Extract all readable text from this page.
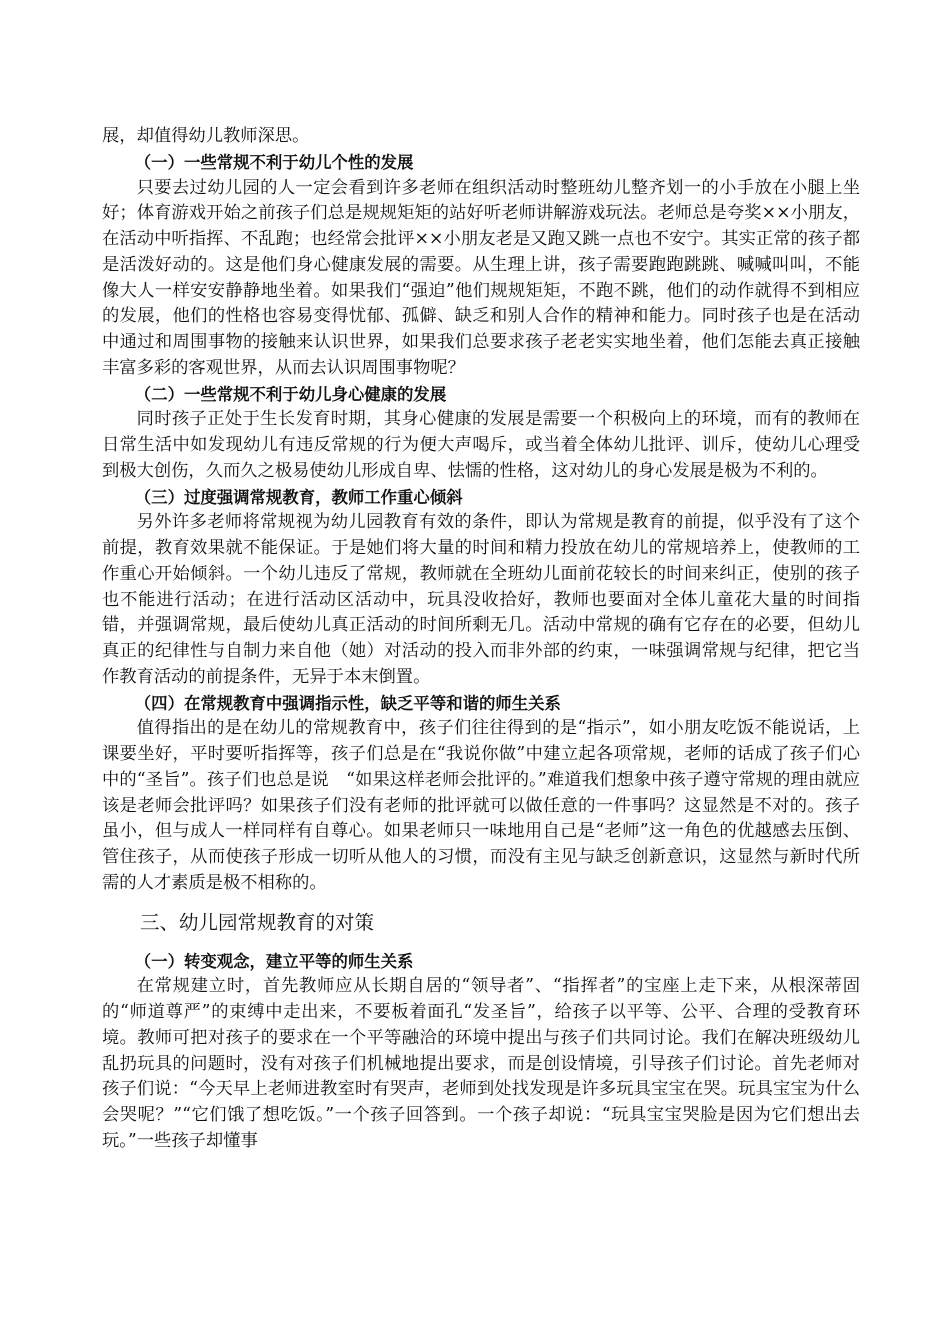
展，却值得幼儿教师深思。

（一）一些常规不利于幼儿个性的发展

只要去过幼儿园的人一定会看到许多老师在组织活动时整班幼儿整齐划一的小手放在小腿上坐好；体育游戏开始之前孩子们总是规规矩矩的站好听老师讲解游戏玩法。老师总是夸奖××小朋友，在活动中听指挥、不乱跑；也经常会批评××小朋友老是又跑又跳一点也不安宁。其实正常的孩子都是活泼好动的。这是他们身心健康发展的需要。从生理上讲，孩子需要跑跑跳跳、喊喊叫叫，不能像大人一样安安静静地坐着。如果我们“强迫”他们规规矩矩，不跑不跳，他们的动作就得不到相应的发展，他们的性格也容易变得忧郁、孤僻、缺乏和别人合作的精神和能力。同时孩子也是在活动中通过和周围事物的接触来认识世界，如果我们总要求孩子老老实实地坐着，他们怎能去真正接触丰富多彩的客观世界，从而去认识周围事物呢？

（二）一些常规不利于幼儿身心健康的发展

同时孩子正处于生长发育时期，其身心健康的发展是需要一个积极向上的环境，而有的教师在日常生活中如发现幼儿有违反常规的行为便大声喝斥，或当着全体幼儿批评、训斥，使幼儿心理受到极大创伤，久而久之极易使幼儿形成自卑、怯懦的性格，这对幼儿的身心发展是极为不利的。

（三）过度强调常规教育，教师工作重心倾斜

另外许多老师将常规视为幼儿园教育有效的条件，即认为常规是教育的前提，似乎没有了这个前提，教育效果就不能保证。于是她们将大量的时间和精力投放在幼儿的常规培养上，使教师的工作重心开始倾斜。一个幼儿违反了常规，教师就在全班幼儿面前花较长的时间来纠正，使别的孩子也不能进行活动；在进行活动区活动中，玩具没收拾好，教师也要面对全体儿童花大量的时间指错，并强调常规，最后使幼儿真正活动的时间所剩无几。活动中常规的确有它存在的必要，但幼儿真正的纪律性与自制力来自他（她）对活动的投入而非外部的约束，一味强调常规与纪律，把它当作教育活动的前提条件，无异于本末倒置。

（四）在常规教育中强调指示性，缺乏平等和谐的师生关系

值得指出的是在幼儿的常规教育中，孩子们往往得到的是“指示”，如小朋友吃饭不能说话，上课要坐好，平时要听指挥等，孩子们总是在“我说你做”中建立起各项常规，老师的话成了孩子们心中的“圣旨”。孩子们也总是说　“如果这样老师会批评的。”难道我们想象中孩子遵守常规的理由就应该是老师会批评吗？如果孩子们没有老师的批评就可以做任意的一件事吗？这显然是不对的。孩子虽小，但与成人一样同样有自尊心。如果老师只一味地用自己是“老师”这一角色的优越感去压倒、管住孩子，从而使孩子形成一切听从他人的习惯，而没有主见与缺乏创新意识，这显然与新时代所需的人才素质是极不相称的。

三、幼儿园常规教育的对策
（一）转变观念，建立平等的师生关系

在常规建立时，首先教师应从长期自居的“领导者”、“指挥者”的宝座上走下来，从根深蒂固的“师道尊严”的束缚中走出来，不要板着面孔“发圣旨”，给孩子以平等、公平、合理的受教育环境。教师可把对孩子的要求在一个平等融洽的环境中提出与孩子们共同讨论。我们在解决班级幼儿乱扔玩具的问题时，没有对孩子们机械地提出要求，而是创设情境，引导孩子们讨论。首先老师对孩子们说：“今天早上老师进教室时有哭声，老师到处找发现是许多玩具宝宝在哭。玩具宝宝为什么会哭呢？”“它们饿了想吃饭。”一个孩子回答到。一个孩子却说：“玩具宝宝哭脸是因为它们想出去玩。”一些孩子却懂事
